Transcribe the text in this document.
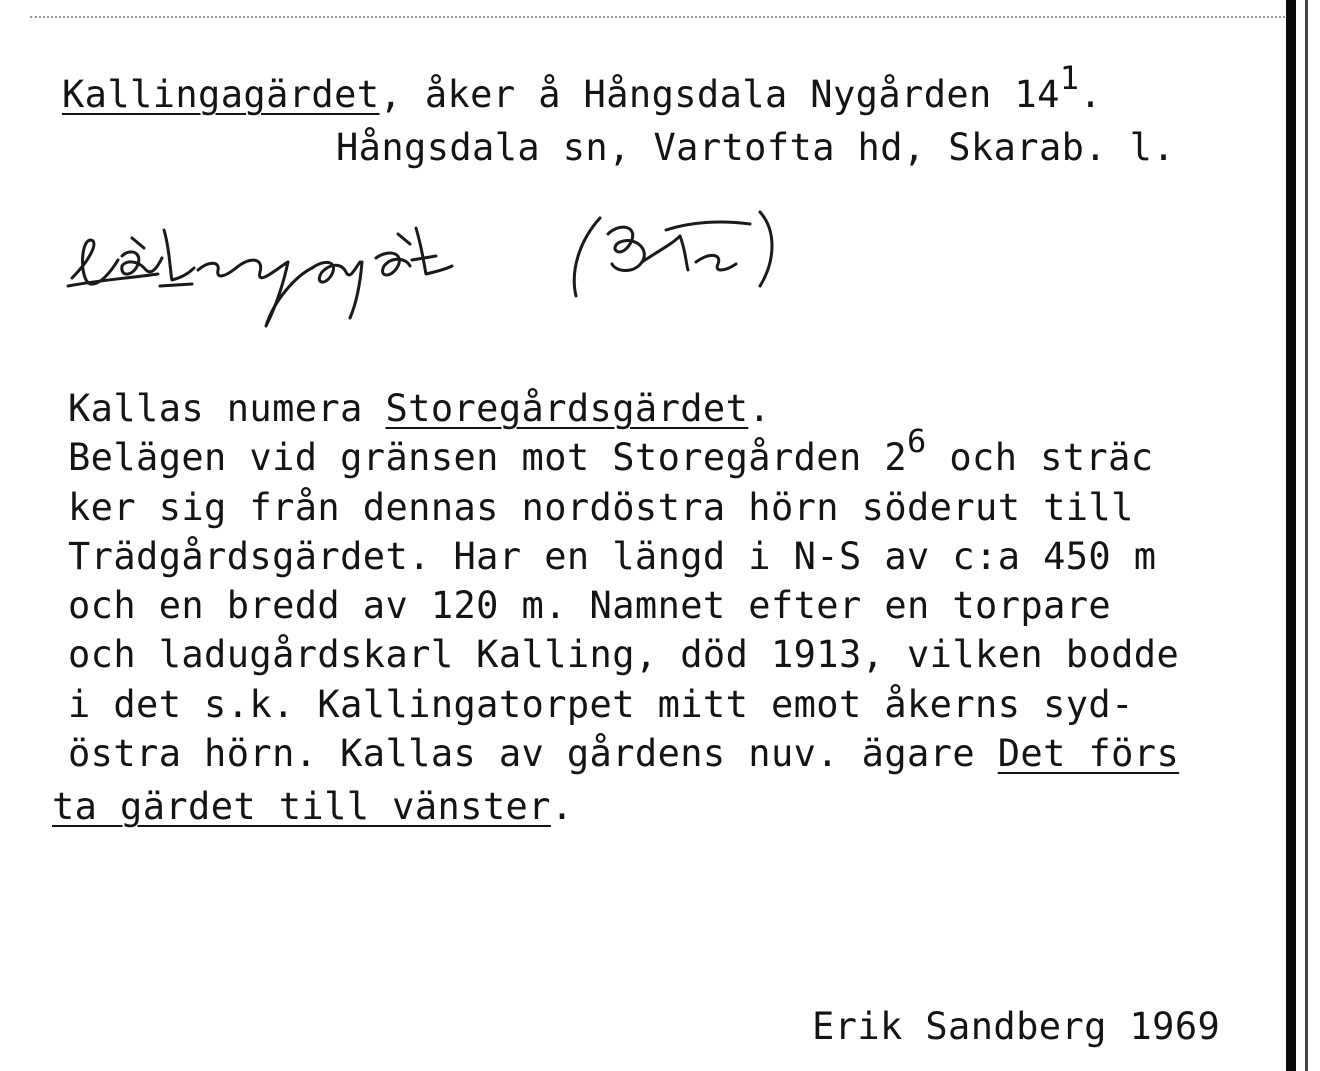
Kallingagärdet, åker å Hångsdala Nygården $14^1$.
Hångsdala sn, Vartofta hd, Skarab. l.
Kallas numera Storegårdsgärdet.
Belägen vid gränsen mot Storegården $2^6$ och sträc
ker sig från dennas nordöstra hörn söderut till
Trädgårdsgärdet. Har en längd i N-S av c:a 450 m
och en bredd av 120 m. Namnet efter en torpare
och ladugårdskarl Kalling, död 1913, vilken bodde
i det s.k. Kallingatorpet mitt emot åkerns syd-
östra hörn. Kallas av gårdens nuv. ägare Det förs
ta gärdet till vänster.
Erik Sandberg 1969
